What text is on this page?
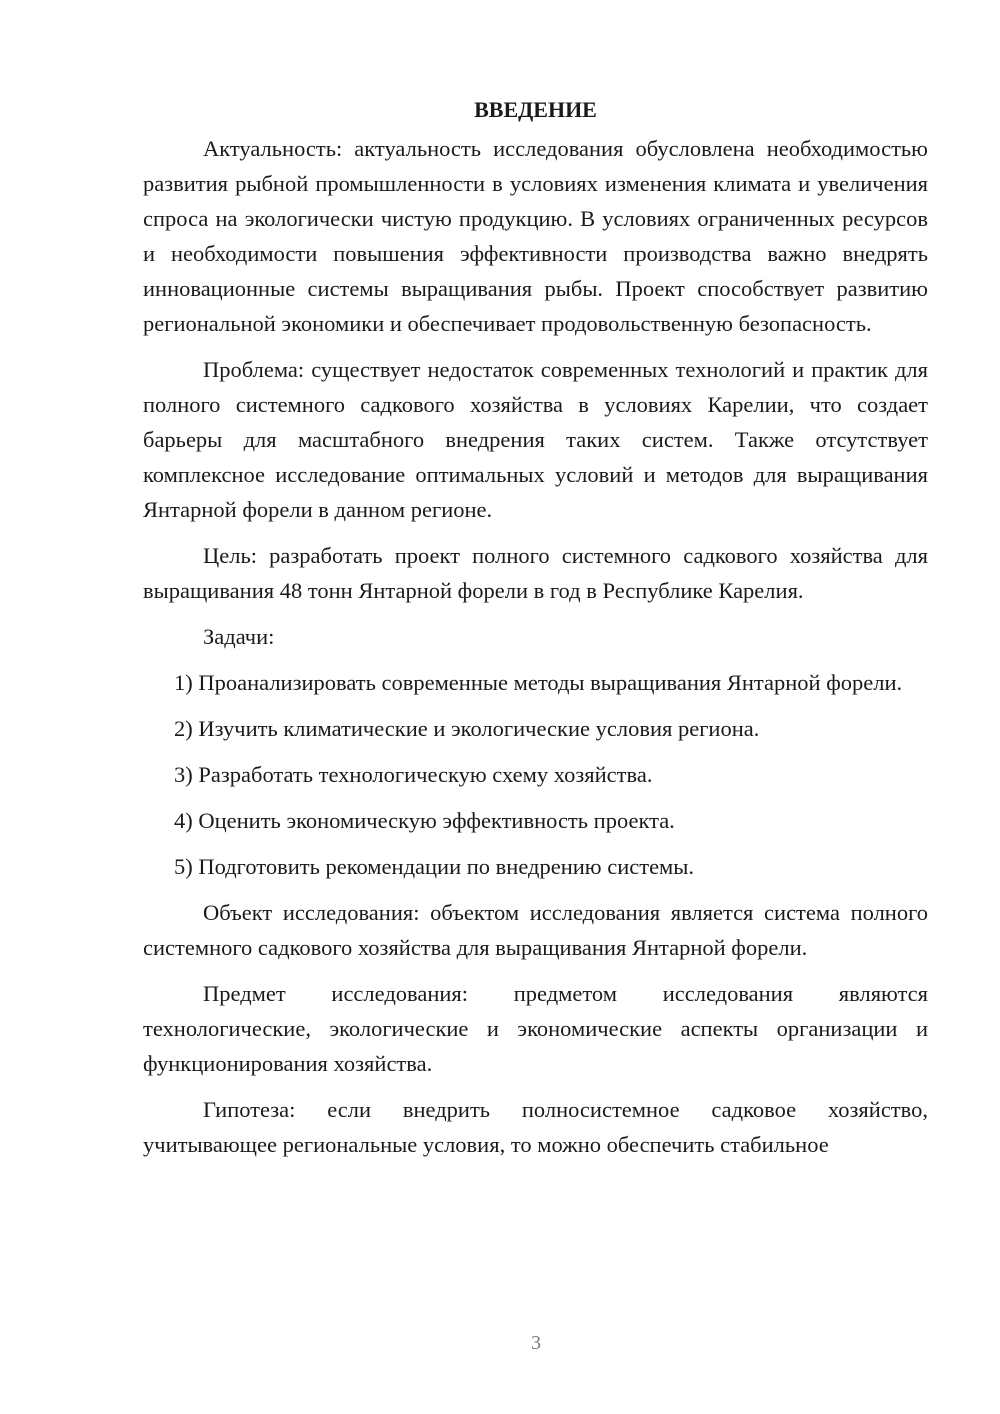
ВВЕДЕНИЕ

Актуальность: актуальность исследования обусловлена необходимостью развития рыбной промышленности в условиях изменения климата и увеличения спроса на экологически чистую продукцию. В условиях ограниченных ресурсов и необходимости повышения эффективности производства важно внедрять инновационные системы выращивания рыбы. Проект способствует развитию региональной экономики и обеспечивает продовольственную безопасность.

Проблема: существует недостаток современных технологий и практик для полного системного садкового хозяйства в условиях Карелии, что создает барьеры для масштабного внедрения таких систем. Также отсутствует комплексное исследование оптимальных условий и методов для выращивания Янтарной форели в данном регионе.

Цель: разработать проект полного системного садкового хозяйства для выращивания 48 тонн Янтарной форели в год в Республике Карелия.

Задачи:

1) Проанализировать современные методы выращивания Янтарной форели.

2) Изучить климатические и экологические условия региона.

3) Разработать технологическую схему хозяйства.

4) Оценить экономическую эффективность проекта.

5) Подготовить рекомендации по внедрению системы.

Объект исследования: объектом исследования является система полного системного садкового хозяйства для выращивания Янтарной форели.

Предмет исследования: предметом исследования являются технологические, экологические и экономические аспекты организации и функционирования хозяйства.

Гипотеза: если внедрить полносистемное садковое хозяйство, учитывающее региональные условия, то можно обеспечить стабильное

3
